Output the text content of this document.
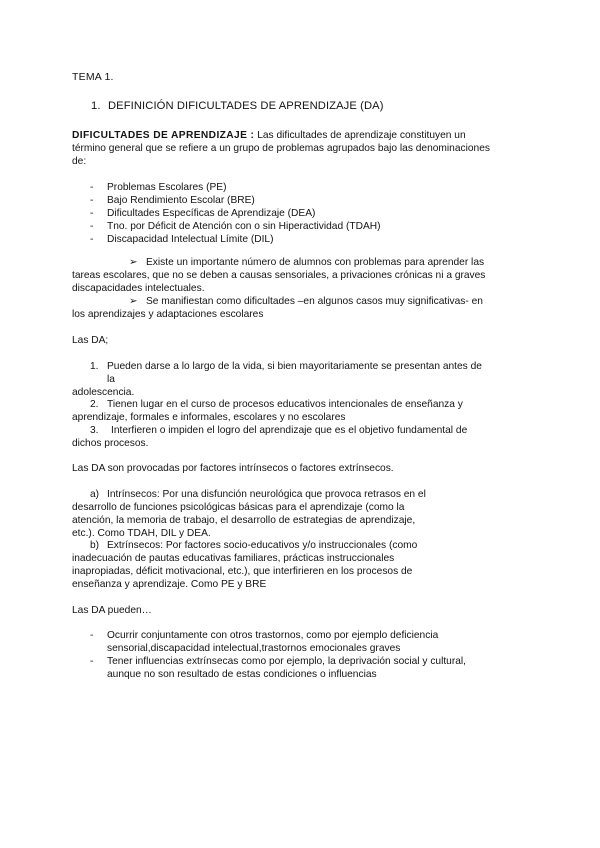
TEMA 1.
1. DEFINICIÓN DIFICULTADES DE APRENDIZAJE (DA)
DIFICULTADES DE APRENDIZAJE : Las dificultades de aprendizaje constituyen un
término general que se refiere a un grupo de problemas agrupados bajo las denominaciones
de:
- Problemas Escolares (PE)
- Bajo Rendimiento Escolar (BRE)
- Dificultades Específicas de Aprendizaje (DEA)
- Tno. por Déficit de Atención con o sin Hiperactividad (TDAH)
- Discapacidad Intelectual Límite (DIL)
➢ Existe un importante número de alumnos con problemas para aprender las
tareas escolares, que no se deben a causas sensoriales, a privaciones crónicas ni a graves
discapacidades intelectuales.
➢ Se manifiestan como dificultades –en algunos casos muy significativas- en
los aprendizajes y adaptaciones escolares
Las DA;
1. Pueden darse a lo largo de la vida, si bien mayoritariamente se presentan antes de
la
adolescencia.
2. Tienen lugar en el curso de procesos educativos intencionales de enseñanza y
aprendizaje, formales e informales, escolares y no escolares
3. Interfieren o impiden el logro del aprendizaje que es el objetivo fundamental de
dichos procesos.
Las DA son provocadas por factores intrínsecos o factores extrínsecos.
a) Intrínsecos: Por una disfunción neurológica que provoca retrasos en el
desarrollo de funciones psicológicas básicas para el aprendizaje (como la
atención, la memoria de trabajo, el desarrollo de estrategias de aprendizaje,
etc.). Como TDAH, DIL y DEA.
b) Extrínsecos: Por factores socio-educativos y/o instruccionales (como
inadecuación de pautas educativas familiares, prácticas instruccionales
inapropiadas, déficit motivacional, etc.), que interfirieren en los procesos de
enseñanza y aprendizaje. Como PE y BRE
Las DA pueden…
- Ocurrir conjuntamente con otros trastornos, como por ejemplo deficiencia
sensorial,discapacidad intelectual,trastornos emocionales graves
- Tener influencias extrínsecas como por ejemplo, la deprivación social y cultural,
aunque no son resultado de estas condiciones o influencias
